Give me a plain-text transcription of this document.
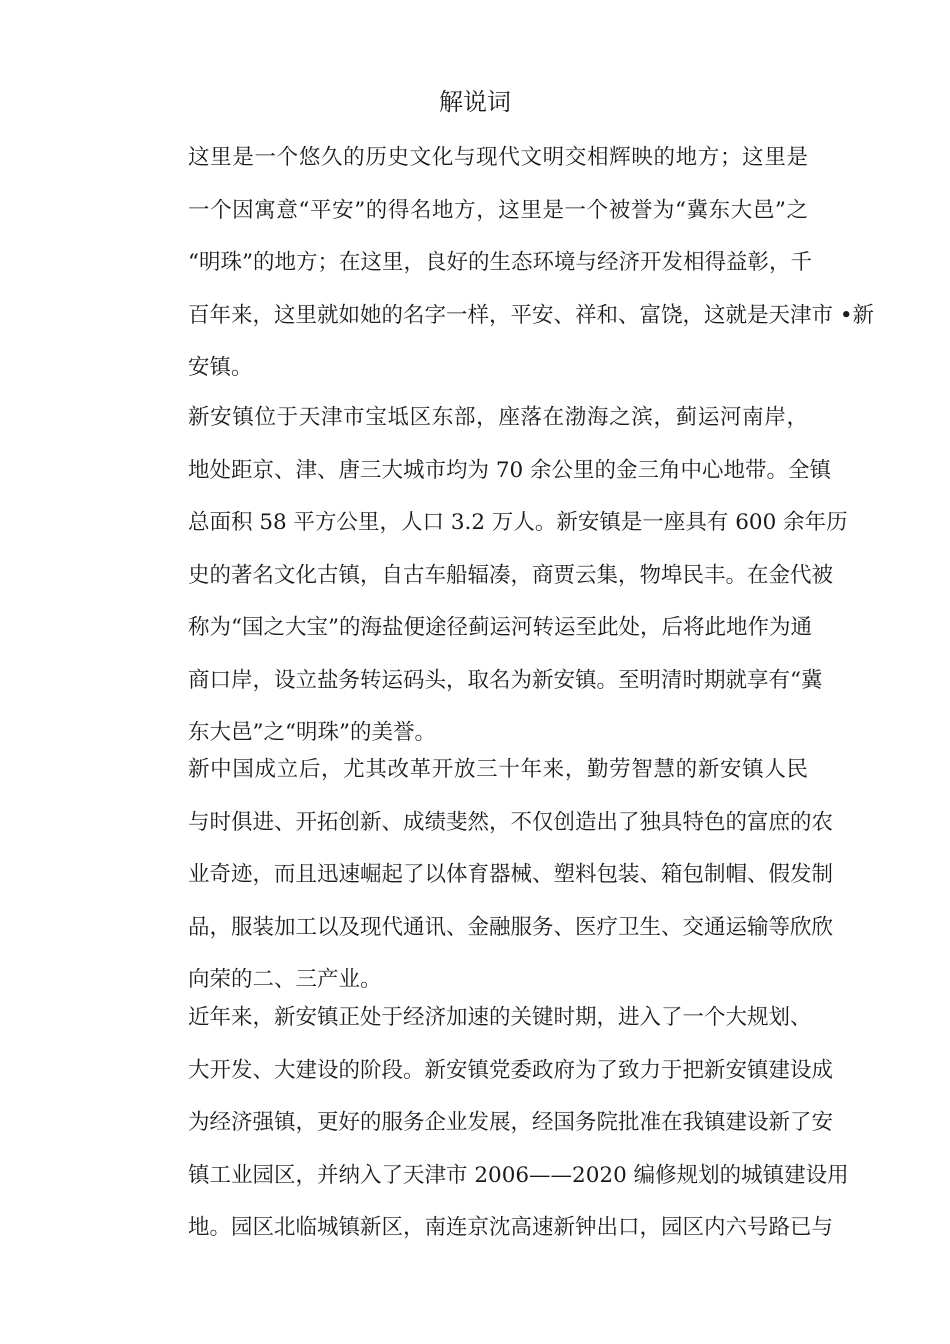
解说词
这里是一个悠久的历史文化与现代文明交相辉映的地方；这里是
一个因寓意“平安”的得名地方，这里是一个被誉为“冀东大邑”之
“明珠”的地方；在这里，良好的生态环境与经济开发相得益彰，千
百年来，这里就如她的名字一样，平安、祥和、富饶，这就是天津市 •新
安镇。
新安镇位于天津市宝坻区东部，座落在渤海之滨，蓟运河南岸，
地处距京、津、唐三大城市均为 70 余公里的金三角中心地带。全镇
总面积 58 平方公里，人口 3.2 万人。新安镇是一座具有 600 余年历
史的著名文化古镇，自古车船辐凑，商贾云集，物埠民丰。在金代被
称为“国之大宝”的海盐便途径蓟运河转运至此处，后将此地作为通
商口岸，设立盐务转运码头，取名为新安镇。至明清时期就享有“冀
东大邑”之“明珠”的美誉。
新中国成立后，尤其改革开放三十年来，勤劳智慧的新安镇人民
与时俱进、开拓创新、成绩斐然，不仅创造出了独具特色的富庶的农
业奇迹，而且迅速崛起了以体育器械、塑料包装、箱包制帽、假发制
品，服装加工以及现代通讯、金融服务、医疗卫生、交通运输等欣欣
向荣的二、三产业。
近年来，新安镇正处于经济加速的关键时期，进入了一个大规划、
大开发、大建设的阶段。新安镇党委政府为了致力于把新安镇建设成
为经济强镇，更好的服务企业发展，经国务院批准在我镇建设新了安
镇工业园区，并纳入了天津市 2006——2020 编修规划的城镇建设用
地。园区北临城镇新区，南连京沈高速新钟出口，园区内六号路已与
